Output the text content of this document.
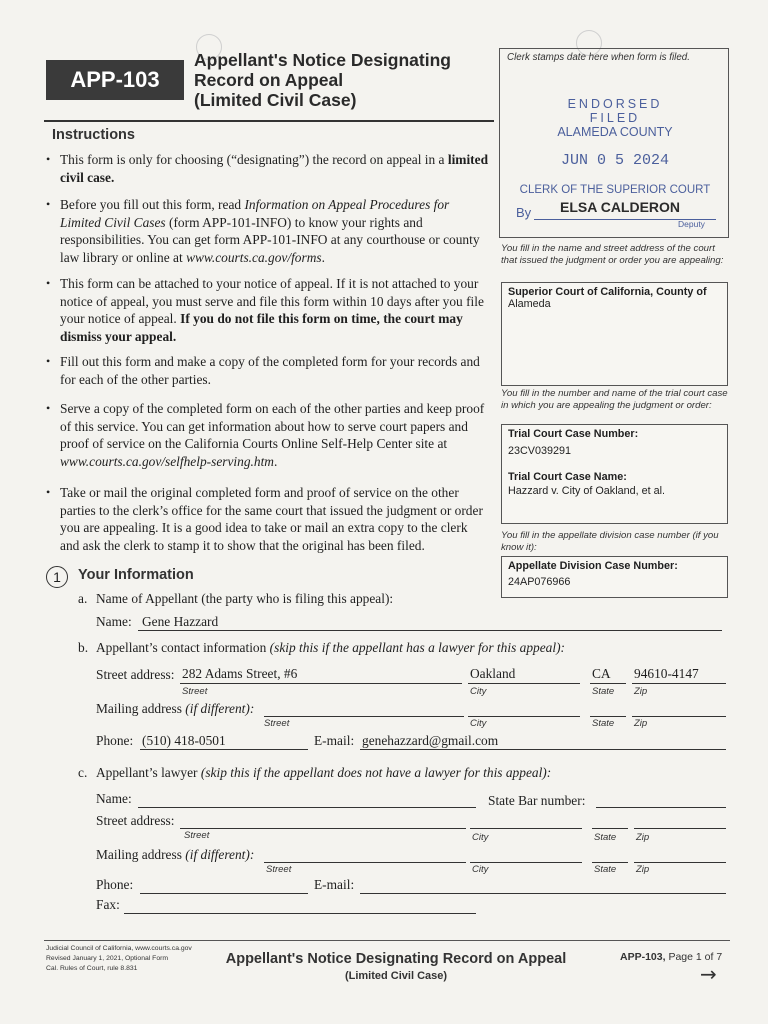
APP-103
Appellant's Notice Designating
Record on Appeal
(Limited Civil Case)
Instructions
• This form is only for choosing (“designating”) the record on appeal in a limited civil case.
• Before you fill out this form, read Information on Appeal Procedures for Limited Civil Cases (form APP-101-INFO) to know your rights and responsibilities. You can get form APP-101-INFO at any courthouse or county law library or online at www.courts.ca.gov/forms.
• This form can be attached to your notice of appeal. If it is not attached to your notice of appeal, you must serve and file this form within 10 days after you file your notice of appeal. If you do not file this form on time, the court may dismiss your appeal.
• Fill out this form and make a copy of the completed form for your records and for each of the other parties.
• Serve a copy of the completed form on each of the other parties and keep proof of this service. You can get information about how to serve court papers and proof of service on the California Courts Online Self-Help Center site at www.courts.ca.gov/selfhelp-serving.htm.
• Take or mail the original completed form and proof of service on the other parties to the clerk’s office for the same court that issued the judgment or order you are appealing. It is a good idea to take or mail an extra copy to the clerk and ask the clerk to stamp it to show that the original has been filed.
Clerk stamps date here when form is filed.
ENDORSED
FILED
ALAMEDA COUNTY
JUN 0 5 2024
CLERK OF THE SUPERIOR COURT
By ELSA CALDERON
Deputy
You fill in the name and street address of the court that issued the judgment or order you are appealing:
Superior Court of California, County of
Alameda
You fill in the number and name of the trial court case in which you are appealing the judgment or order:
Trial Court Case Number:
23CV039291
Trial Court Case Name:
Hazzard v. City of Oakland, et al.
You fill in the appellate division case number (if you know it):
Appellate Division Case Number:
24AP076966
1	Your Information
a. Name of Appellant (the party who is filing this appeal):
Name: Gene Hazzard
b. Appellant’s contact information (skip this if the appellant has a lawyer for this appeal):
Street address: 282 Adams Street, #6	Oakland	CA 94610-4147
Street	City	State Zip
Mailing address (if different):
Street	City	State Zip
Phone: (510) 418-0501	E-mail: genehazzard@gmail.com
c. Appellant’s lawyer (skip this if the appellant does not have a lawyer for this appeal):
Name:	State Bar number:
Street address:
Street	City	State Zip
Mailing address (if different):
Street	City	State Zip
Phone:	E-mail:
Fax:
Judicial Council of California, www.courts.ca.gov
Revised January 1, 2021, Optional Form
Cal. Rules of Court, rule 8.831
Appellant's Notice Designating Record on Appeal
(Limited Civil Case)
APP-103, Page 1 of 7
→
